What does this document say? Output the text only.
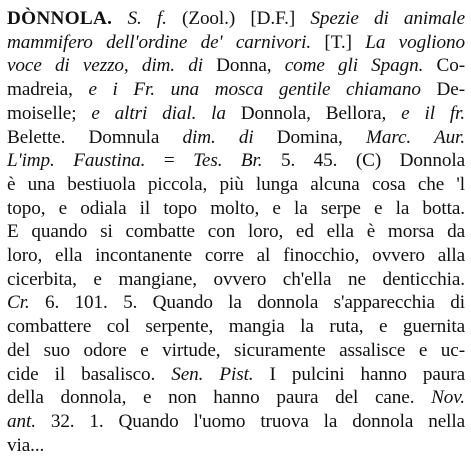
DÒNNOLA. S. f. (Zool.) [D.F.] Spezie di animale
mammifero dell'ordine de' carnivori. [T.] La vogliono
voce di vezzo, dim. di Donna, come gli Spagn. Co-
madreia, e i Fr. una mosca gentile chiamano De-
moiselle; e altri dial. la Donnola, Bellora, e il fr.
Belette. Domnula dim. di Domina, Marc. Aur.
L'imp. Faustina. = Tes. Br. 5. 45. (C) Donnola
è una bestiuola piccola, più lunga alcuna cosa che 'l
topo, e odiala il topo molto, e la serpe e la botta.
E quando si combatte con loro, ed ella è morsa da
loro, ella incontanente corre al finocchio, ovvero alla
cicerbita, e mangiane, ovvero ch'ella ne denticchia.
Cr. 6. 101. 5. Quando la donnola s'apparecchia di
combattere col serpente, mangia la ruta, e guernita
del suo odore e virtude, sicuramente assalisce e uc-
cide il basalisco. Sen. Pist. I pulcini hanno paura
della donnola, e non hanno paura del cane. Nov.
ant. 32. 1. Quando l'uomo truova la donnola nella
via...
